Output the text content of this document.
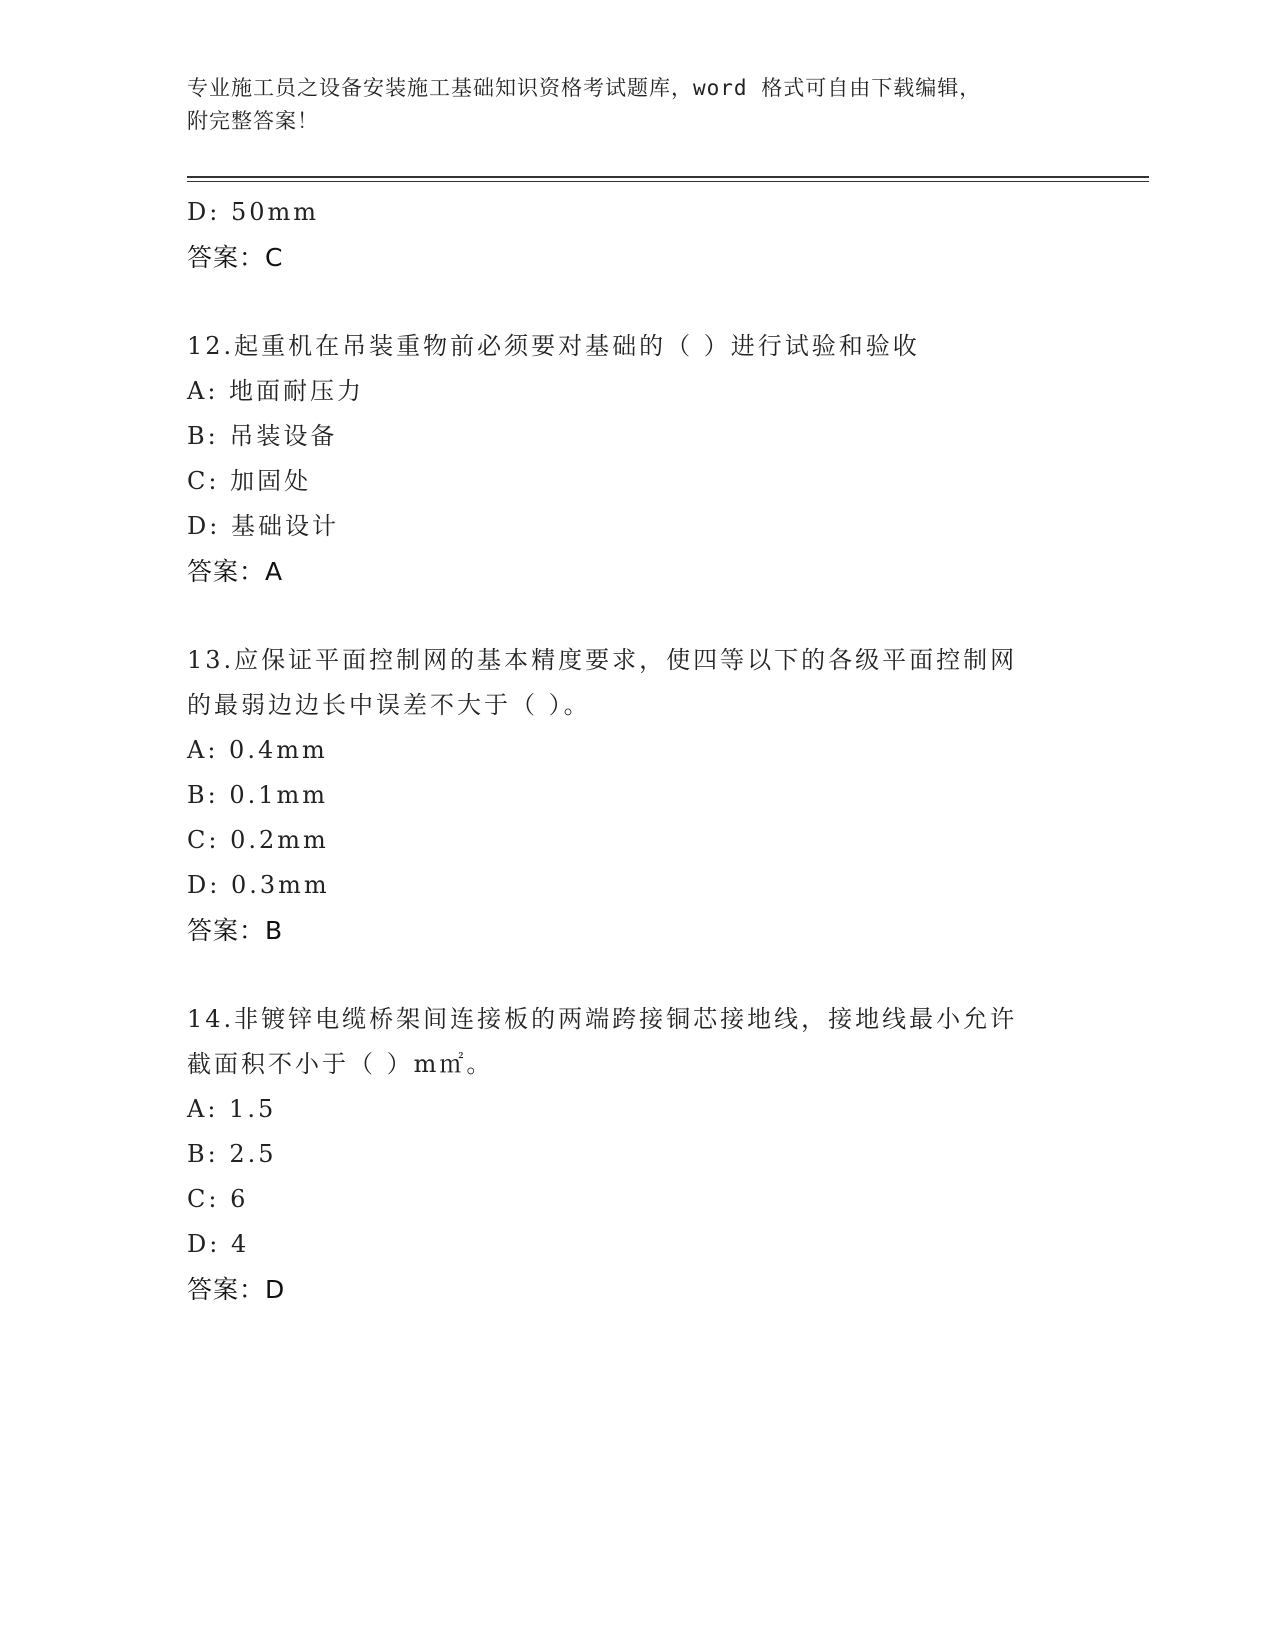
专业施工员之设备安装施工基础知识资格考试题库，word 格式可自由下载编辑，
附完整答案！
D: 50mm
答案：C
12.起重机在吊装重物前必须要对基础的（ ）进行试验和验收
A: 地面耐压力
B: 吊装设备
C: 加固处
D: 基础设计
答案：A
13.应保证平面控制网的基本精度要求，使四等以下的各级平面控制网
的最弱边边长中误差不大于（ ）。
A: 0.4mm
B: 0.1mm
C: 0.2mm
D: 0.3mm
答案：B
14.非镀锌电缆桥架间连接板的两端跨接铜芯接地线，接地线最小允许
截面积不小于（ ）m㎡。
A: 1.5
B: 2.5
C: 6
D: 4
答案：D
